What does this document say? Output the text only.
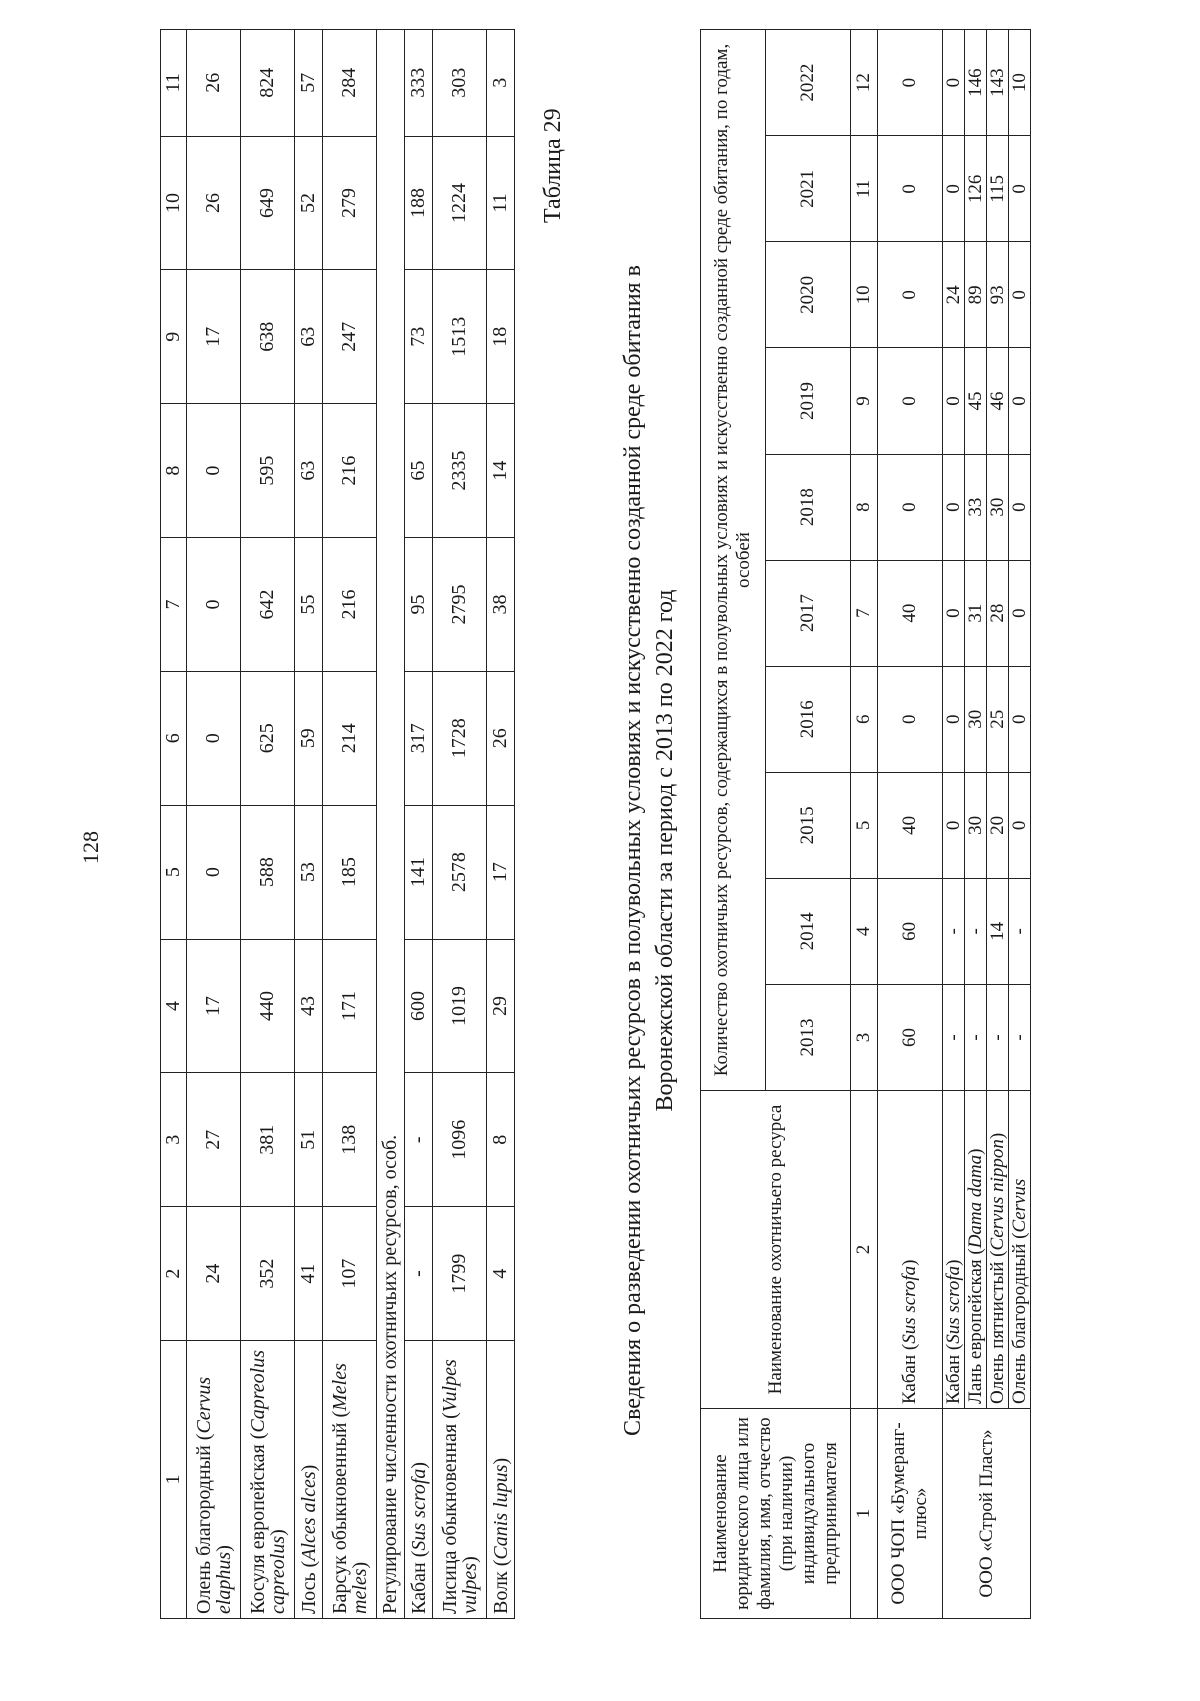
128
1	2	3	4	5	6	7	8	9	10	11
Олень благородный (Cervus elaphus)	24	27	17	0	0	0	0	17	26	26
Косуля европейская (Capreolus capreolus)	352	381	440	588	625	642	595	638	649	824
Лось (Alces alces)	41	51	43	53	59	55	63	63	52	57
Барсук обыкновенный (Meles meles)	107	138	171	185	214	216	216	247	279	284
Регулирование численности охотничьих ресурсов, особ.										
Кабан (Sus scrofa)	-	-	600	141	317	95	65	73	188	333
Лисица обыкновенная (Vulpes vulpes)	1799	1096	1019	2578	1728	2795	2335	1513	1224	303
Волк (Canis lupus)	4	8	29	17	26	38	14	18	11	3
Таблица 29
Сведения о разведении охотничьих ресурсов в полувольных условиях и искусственно созданной среде обитания в Воронежской области за период с 2013 по 2022 год
Наименование юридического лица или фамилия, имя, отчество (при наличии) индивидуального предпринимателя	Наименование охотничьего ресурса	Количество охотничьих ресурсов, содержащихся в полувольных условиях и искусственно созданной среде обитания, по годам, особей									
		2013	2014	2015	2016	2017	2018	2019	2020	2021	2022
1	2	3	4	5	6	7	8	9	10	11	12
ООО ЧОП «Бумеранг-плюс»	Кабан (Sus scrofa)	60	60	40	0	40	0	0	0	0	0
ООО «Строй Пласт»	Кабан (Sus scrofa)	-	-	0	0	0	0	0	24	0	0
	Лань европейская (Dama dama)	-	-	30	30	31	33	45	89	126	146
	Олень пятнистый (Cervus nippon)	-	14	20	25	28	30	46	93	115	143
	Олень благородный (Cervus	-	-	0	0	0	0	0	0	0	10
